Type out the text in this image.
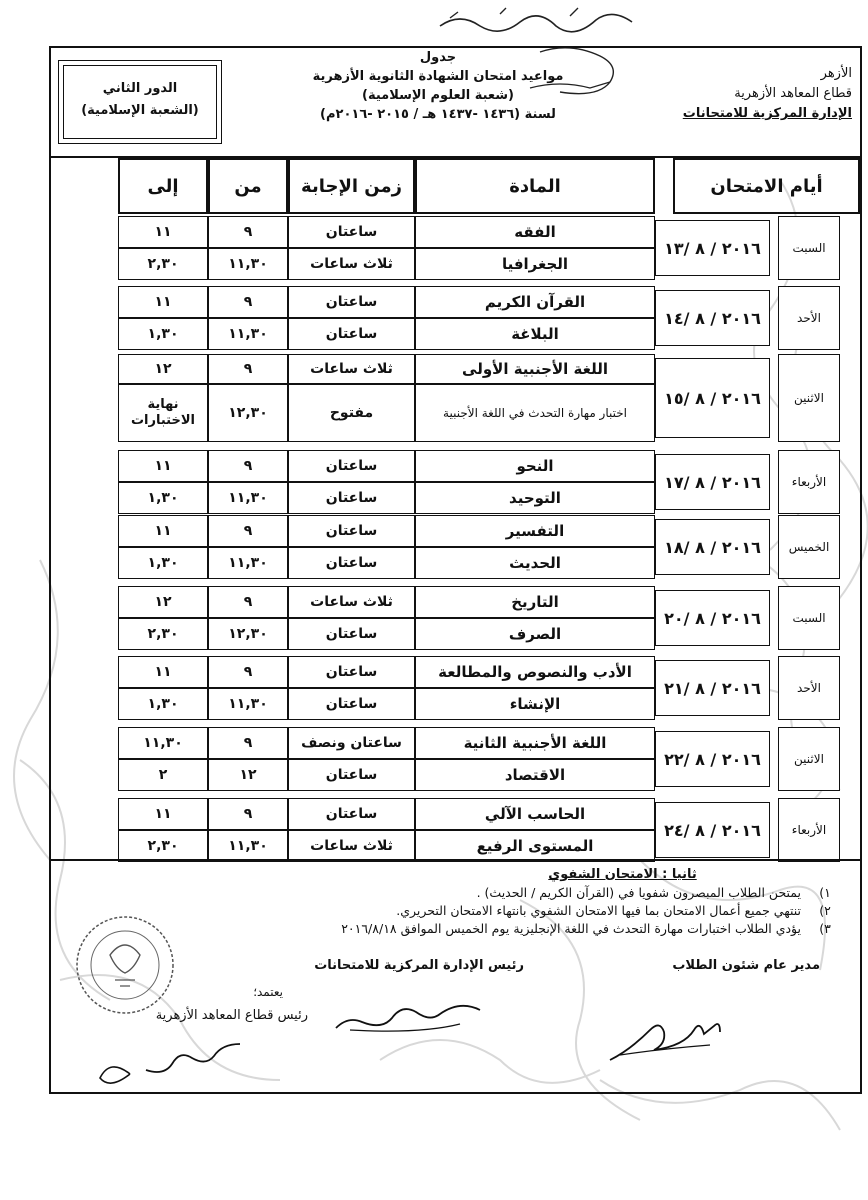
الأزهر
قطاع المعاهد الأزهرية
الإدارة المركزية للامتحانات
جدول
مواعيد امتحان الشهادة الثانوية الأزهرية
(شعبة العلوم الإسلامية)
لسنة (١٤٣٦ -١٤٣٧ هـ / ٢٠١٥ -٢٠١٦م)
الدور الثاني
(الشعبة الإسلامية)
أيام الامتحان
المادة
زمن الإجابة
من
إلى
السبت
٢٠١٦ / ٨ /١٣
الفقه
ساعتان
٩
١١
الجغرافيا
ثلاث ساعات
١١,٣٠
٢,٣٠
الأحد
٢٠١٦ / ٨ /١٤
القرآن الكريم
ساعتان
٩
١١
البلاغة
ساعتان
١١,٣٠
١,٣٠
الاثنين
٢٠١٦ / ٨ /١٥
اللغة الأجنبية الأولى
ثلاث ساعات
٩
١٢
اختبار مهارة التحدث في اللغة الأجنبية
مفتوح
١٢,٣٠
نهاية الاختبارات
الأربعاء
٢٠١٦ / ٨ /١٧
النحو
ساعتان
٩
١١
التوحيد
ساعتان
١١,٣٠
١,٣٠
الخميس
٢٠١٦ / ٨ /١٨
التفسير
ساعتان
٩
١١
الحديث
ساعتان
١١,٣٠
١,٣٠
السبت
٢٠١٦ / ٨ /٢٠
التاريخ
ثلاث ساعات
٩
١٢
الصرف
ساعتان
١٢,٣٠
٢,٣٠
الأحد
٢٠١٦ / ٨ /٢١
الأدب والنصوص والمطالعة
ساعتان
٩
١١
الإنشاء
ساعتان
١١,٣٠
١,٣٠
الاثنين
٢٠١٦ / ٨ /٢٢
اللغة الأجنبية الثانية
ساعتان ونصف
٩
١١,٣٠
الاقتصاد
ساعتان
١٢
٢
الأربعاء
٢٠١٦ / ٨ /٢٤
الحاسب الآلي
ساعتان
٩
١١
المستوى الرفيع
ثلاث ساعات
١١,٣٠
٢,٣٠
ثانيا : الامتحان الشفوي
١)
يمتحن الطلاب المبصرون شفويا في (القرآن الكريم / الحديث) .
٢)
تنتهي جميع أعمال الامتحان بما فيها الامتحان الشفوي بانتهاء الامتحان التحريري.
٣)
يؤدي الطلاب اختبارات مهارة التحدث في اللغة الإنجليزية يوم الخميس الموافق ٢٠١٦/٨/١٨
مدير عام شئون الطلاب
رئيس الإدارة المركزية للامتحانات
يعتمد؛
رئيس قطاع المعاهد الأزهرية
